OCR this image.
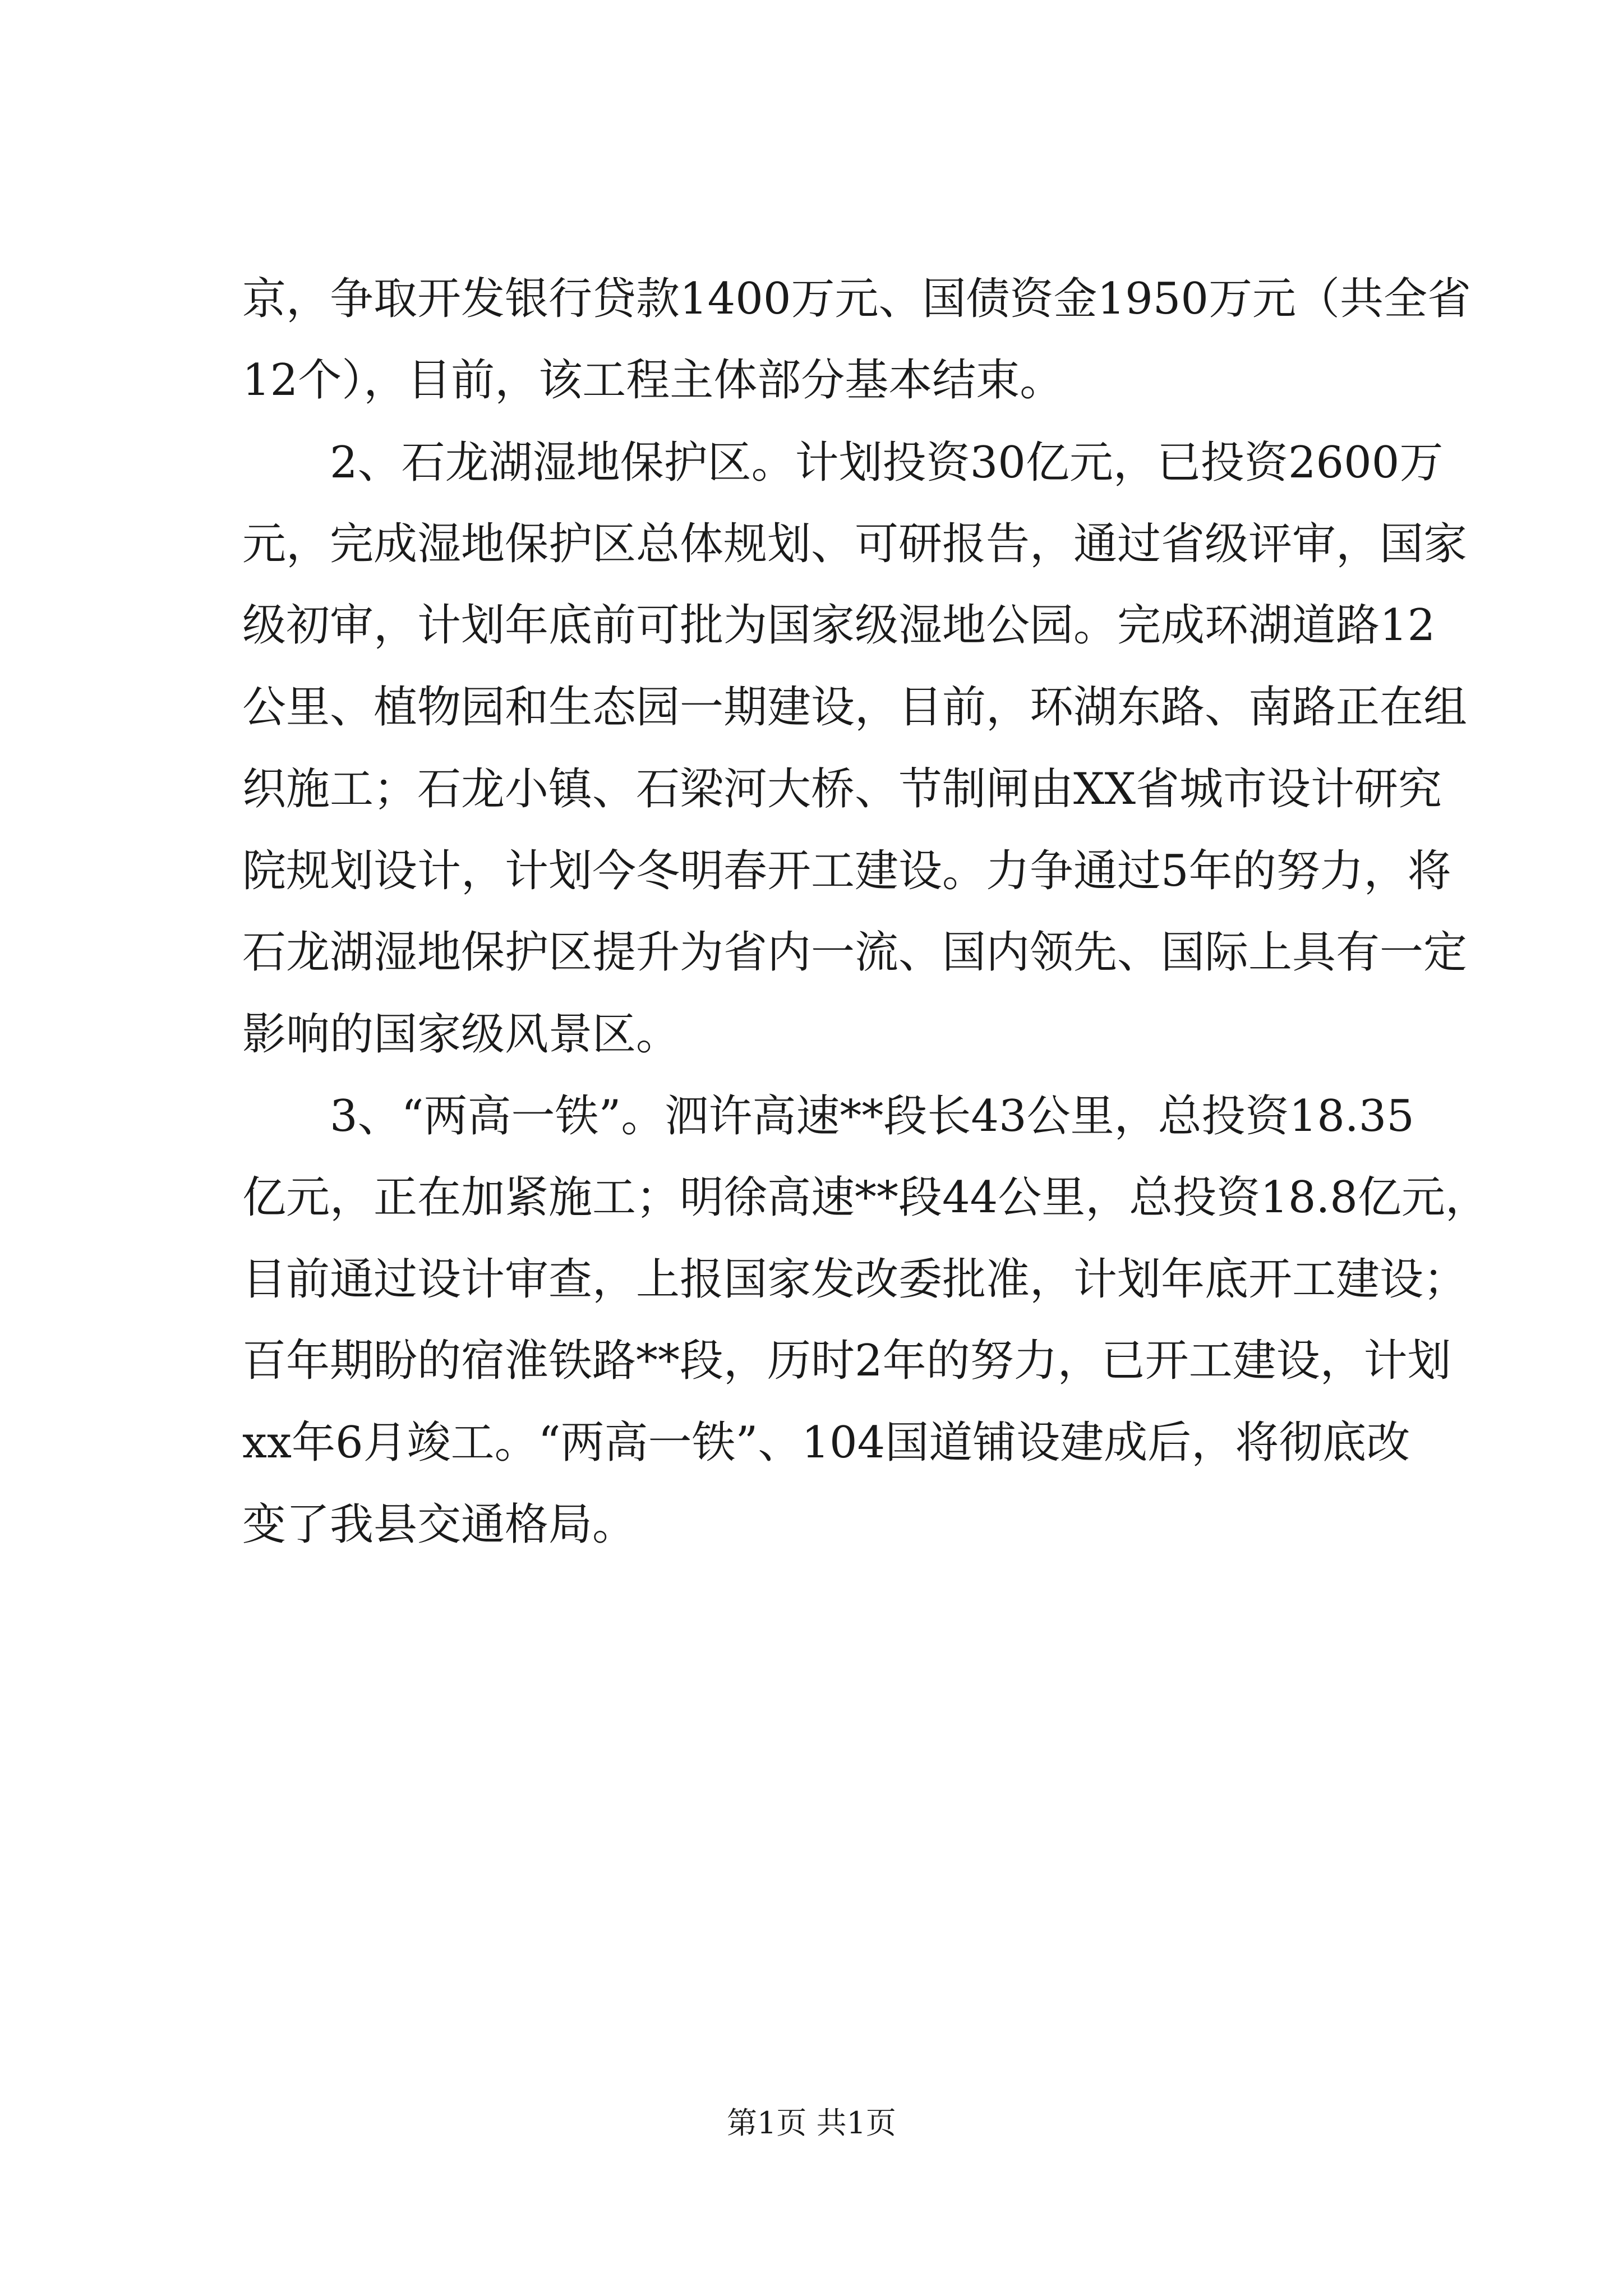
京，争取开发银行贷款1400万元、国债资金1950万元（共全省
12个），目前，该工程主体部分基本结束。
2、石龙湖湿地保护区。计划投资30亿元，已投资2600万
元，完成湿地保护区总体规划、可研报告，通过省级评审，国家
级初审，计划年底前可批为国家级湿地公园。完成环湖道路12
公里、植物园和生态园一期建设，目前，环湖东路、南路正在组
织施工；石龙小镇、石梁河大桥、节制闸由XX省城市设计研究
院规划设计，计划今冬明春开工建设。力争通过5年的努力，将
石龙湖湿地保护区提升为省内一流、国内领先、国际上具有一定
影响的国家级风景区。
3、“两高一铁”。泗许高速**段长43公里，总投资18.35
亿元，正在加紧施工；明徐高速**段44公里，总投资18.8亿元，
目前通过设计审查，上报国家发改委批准，计划年底开工建设；
百年期盼的宿淮铁路**段，历时2年的努力，已开工建设，计划
xx年6月竣工。“两高一铁”、104国道铺设建成后，将彻底改
变了我县交通格局。
第1页 共1页
